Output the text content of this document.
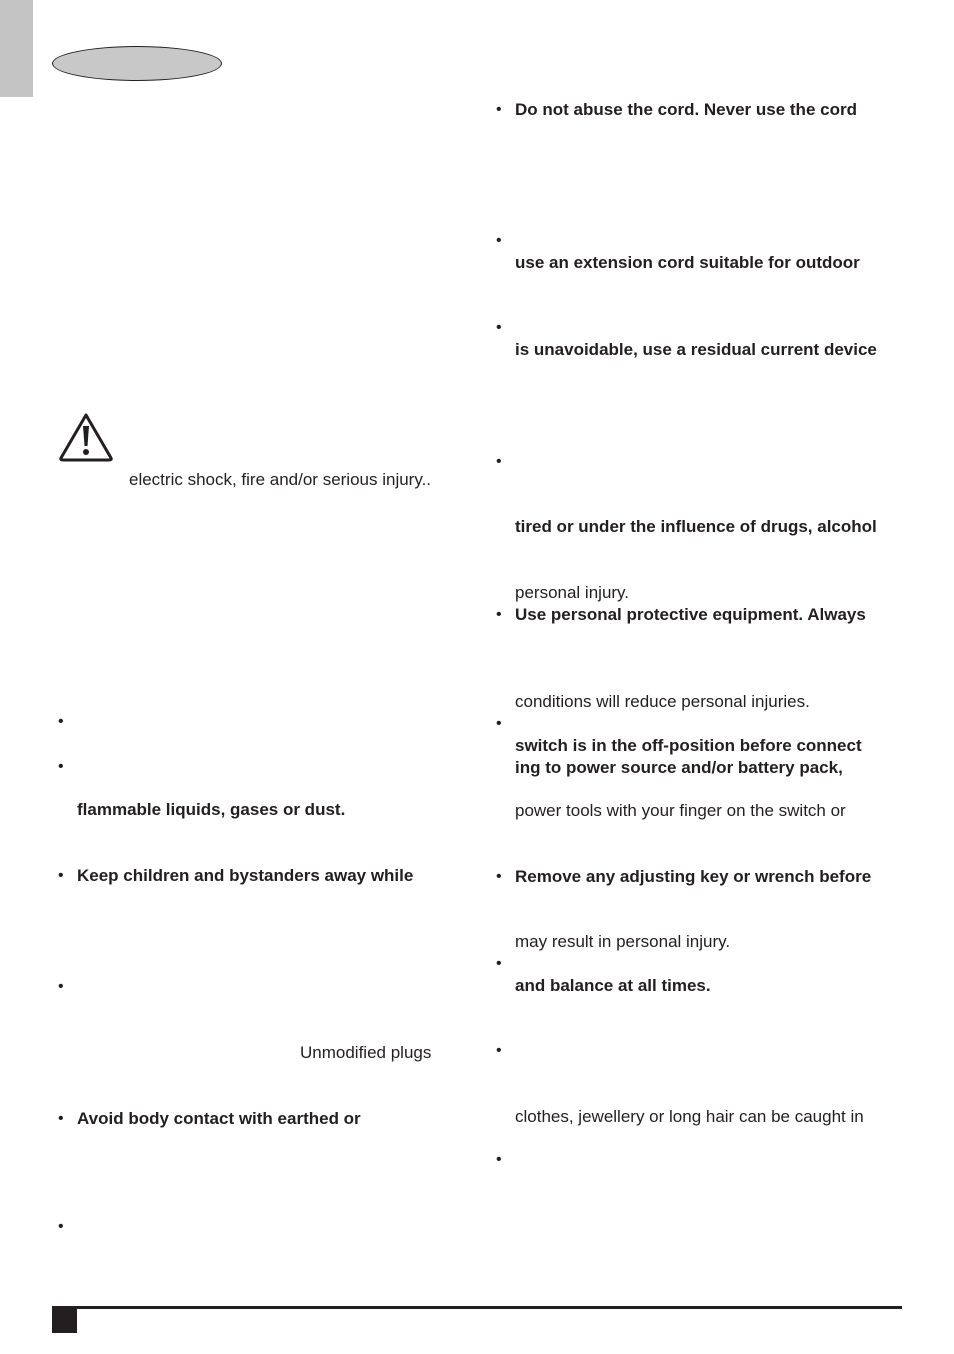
electric shock, fire and/or serious injury..
•
•
flammable liquids, gases or dust.
• Keep children and bystanders away while
•
Unmodified plugs
• Avoid body contact with earthed or
•
• Do not abuse the cord. Never use the cord
•
use an extension cord suitable for outdoor
•
is unavoidable, use a residual current device
•
tired or under the influence of drugs, alcohol
personal injury.
• Use personal protective equipment. Always
conditions will reduce personal injuries.
•
switch is in the off-position before connect
ing to power source and/or battery pack,
power tools with your finger on the switch or
• Remove any adjusting key or wrench before
may result in personal injury.
•
and balance at all times.
•
clothes, jewellery or long hair can be caught in
•
